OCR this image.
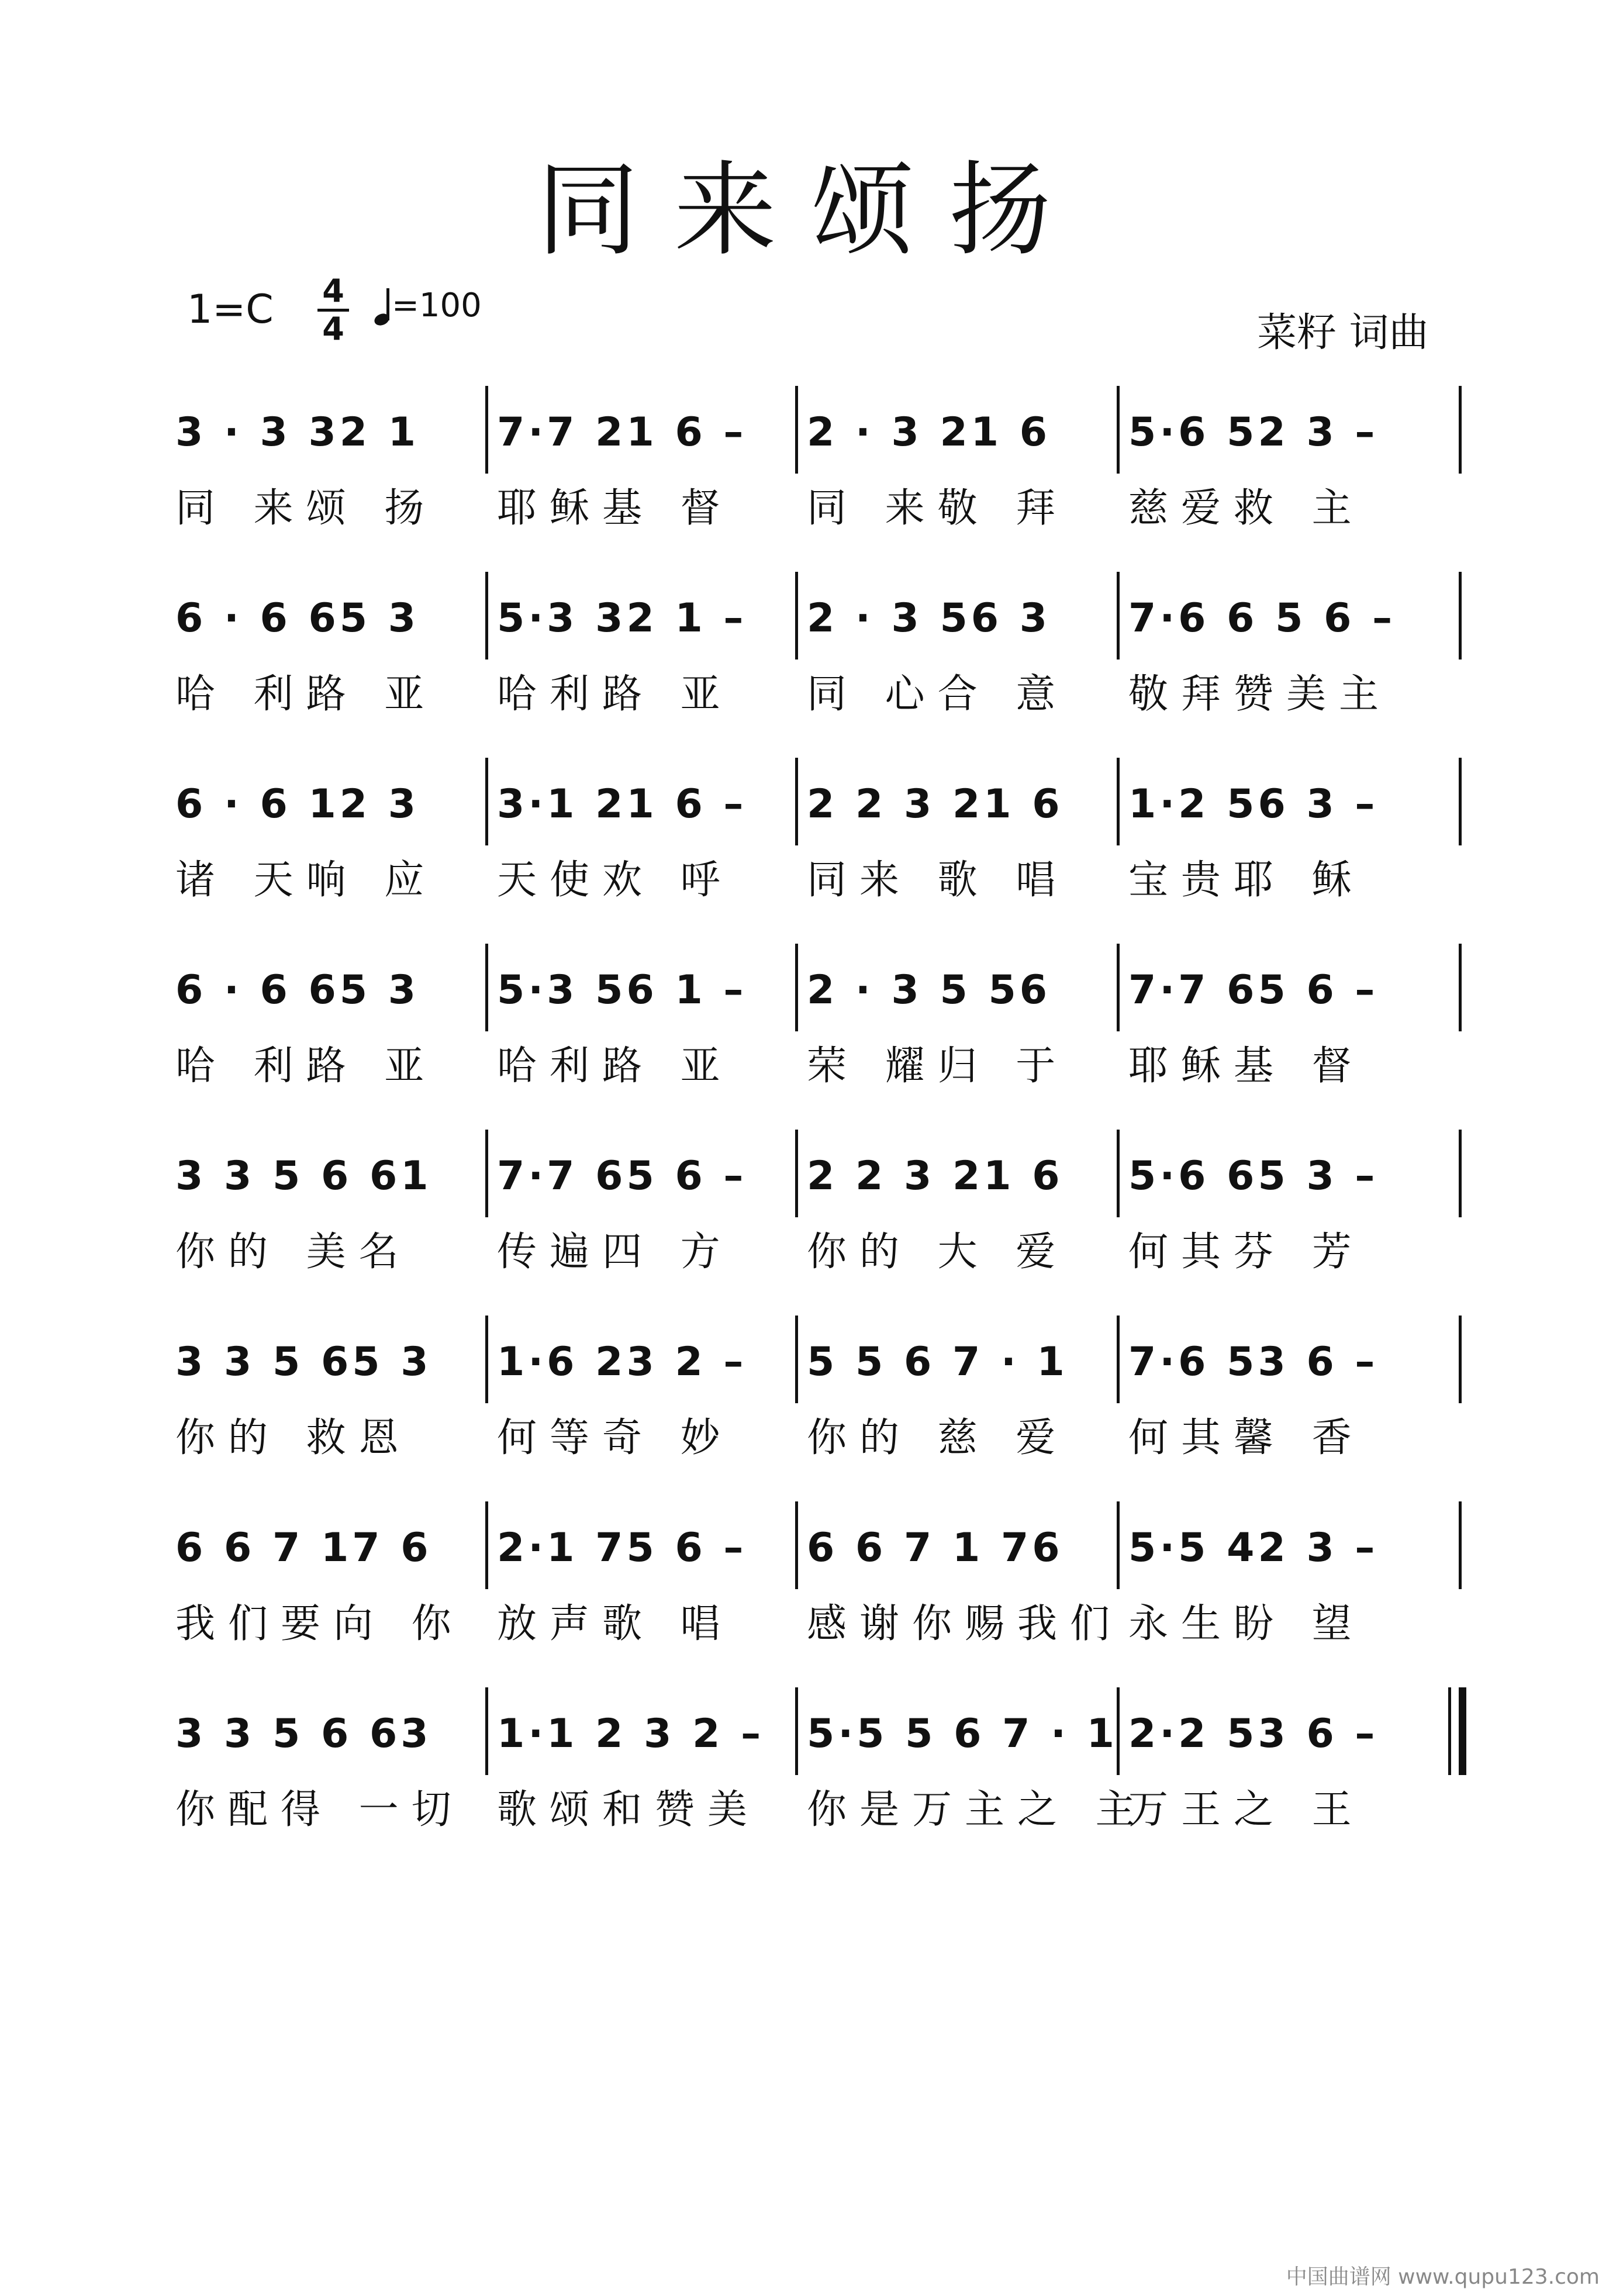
同来颂扬
1=C	4
4
=100
菜籽 词曲
3 · 3 32 1 7·7 21 6 – 2 · 3 21 6 5·6 52 3 –
同 来颂 扬 耶稣基 督 同 来敬 拜 慈爱救 主
6 · 6 65 3 5·3 32 1 – 2 · 3 56 3 7·6 6 5 6 –
哈 利路 亚 哈利路 亚 同 心合 意 敬拜赞美主
6 · 6 12 3 3·1 21 6 – 2 2 3 21 6 1·2 56 3 –
诸 天响 应 天使欢 呼 同来 歌 唱 宝贵耶 稣
6 · 6 65 3 5·3 56 1 – 2 · 3 5 56 7·7 65 6 –
哈 利路 亚 哈利路 亚 荣 耀归 于 耶稣基 督
3 3 5 6 61 7·7 65 6 – 2 2 3 21 6 5·6 65 3 –
你的 美名 传遍四 方 你的 大 爱 何其芬 芳
3 3 5 65 3 1·6 23 2 – 5 5 6 7 · 1 7·6 53 6 –
你的 救恩 何等奇 妙 你的 慈 爱 何其馨 香
6 6 7 17 6 2·1 75 6 – 6 6 7 1 76 5·5 42 3 –
我们要向 你 放声歌 唱 感谢你赐我们 永生盼 望
3 3 5 6 63 1·1 2 3 2 – 5·5 5 6 7 · 1 2·2 53 6 –
你配得 一切 歌颂和赞美 你是万主之 主
万王之 王
中国曲谱网 www.qupu123.com
